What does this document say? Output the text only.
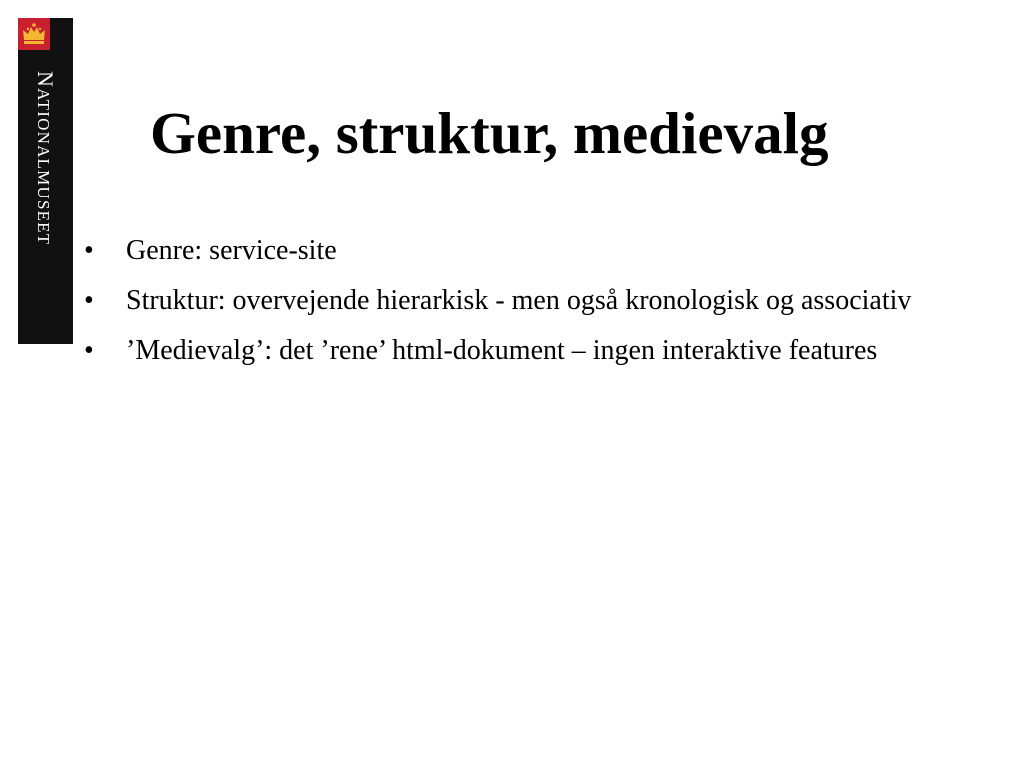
NATIONALMUSEET Genre, struktur, medievalg
•	Genre: service-site
•	Struktur: overvejende hierarkisk - men også kronologisk og associativ
•	’Medievalg’: det ’rene’ html-dokument – ingen interaktive features
